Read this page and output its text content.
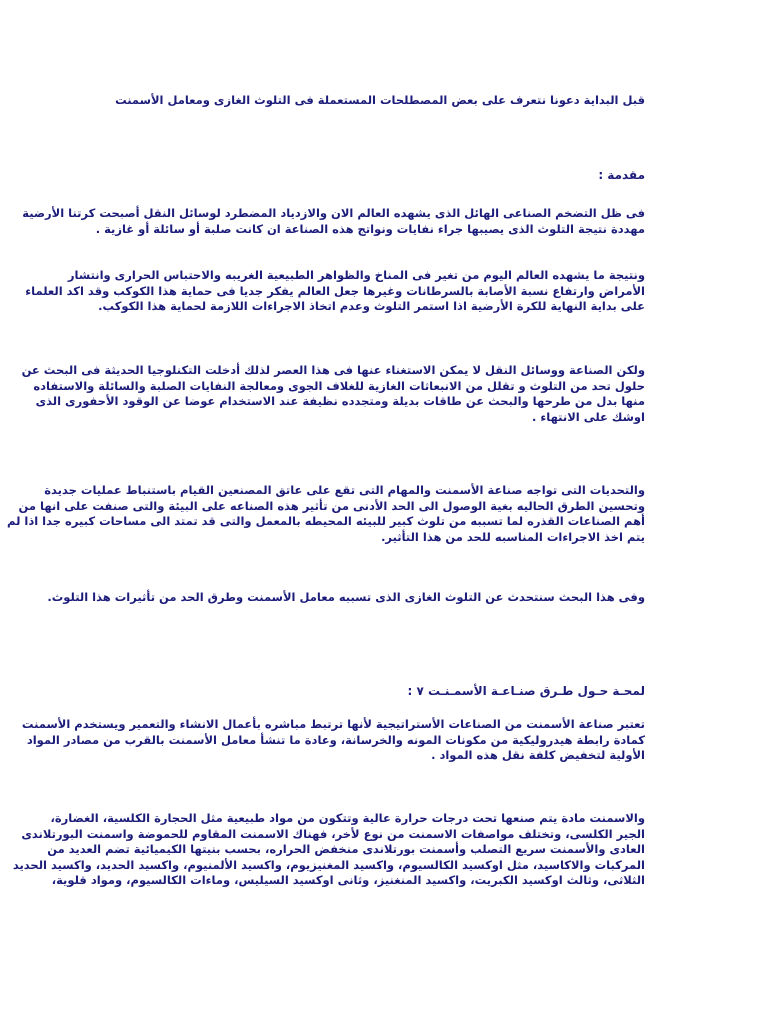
قبل البداية دعونا نتعرف على بعض المصطلحات المستعملة فى التلوث الغازى ومعامل الأسمنت
مقدمة :
فى ظل التضخم الصناعى الهائل الذى يشهده العالم الان والازدياد المضطرد لوسائل النقل أصبحت كرتنا الأرضية
مهددة نتيجة التلوث الذى يصيبها جراء نفايات ونواتج هذه الصناعة ان كانت صلبة أو سائلة أو غازية .
ونتيجة ما يشهده العالم اليوم من تغير فى المناخ والظواهر الطبيعية الغريبه والاحتباس الحرارى وانتشار
الأمراض وارتفاع نسبة الأصابة بالسرطانات وغيرها جعل العالم يفكر جديا فى حماية هذا الكوكب وقد اكد العلماء
على بداية النهاية للكرة الأرضية اذا استمر التلوث وعدم اتخاذ الاجراءات اللازمة لحماية هذا الكوكب.
ولكن الصناعة ووسائل النقل لا يمكن الاستغناء عنها فى هذا العصر لذلك أدخلت التكنلوجيا الحديثة فى البحث عن
حلول تحد من التلوث و تقلل من الانبعاثات الغازية للغلاف الجوى ومعالجة النفايات الصلبة والسائلة والاستفاده
منها بدل من طرحها والبحث عن طاقات بديلة ومتجدده نظيفة عند الاستخدام عوضا عن الوقود الأحفورى الذى
اوشك على الانتهاء .
والتحديات التى تواجه صناعة الأسمنت والمهام التى تقع على عاتق المصنعين القيام باستنباط عمليات جديدة
وتحسين الطرق الحاليه بغية الوصول الى الحد الأدنى من تأثير هذه الصناعه على البيئة والتى صنفت على انها من
أهم الصناعات القذره لما تسببه من تلوث كبير للبيئه المحيطه بالمعمل والتى قد تمتد الى مساحات كبيره جدا اذا لم
يتم اخذ الاجراءات المناسبه للحد من هذا التأثير.
وفى هذا البحث سنتحدث عن التلوث الغازى الذى تسببه معامل الأسمنت وطرق الحد من تأثيرات هذا التلوث.
لمحـة حـول طـرق صنـاعـة الأسمـنـت ٧ :
تعتبر صناعة الأسمنت من الصناعات الأستراتيجية لأنها ترتبط مباشره بأعمال الانشاء والتعمير ويستخدم الأسمنت
كمادة رابطة هيدروليكية من مكونات المونه والخرسانة، وعادة ما تنشأ معامل الأسمنت بالقرب من مصادر المواد
الأولية لتخفيض كلفة نقل هذه المواد .
والاسمنت مادة يتم صنعها تحت درجات حرارة عالية وتتكون من مواد طبيعية مثل الحجارة الكلسية، الغضارة،
الجير الكلسى، وتختلف مواصفات الاسمنت من نوع لأخر، فهناك الاسمنت المقاوم للحموضة واسمنت البورتلاندى
العادى والأسمنت سريع التصلب وأسمنت بورتلاندى منخفض الحراره، بحسب بنيتها الكيميائية تضم العديد من
المركبات والاكاسيد، مثل اوكسيد الكالسيوم، واكسيد المغنيزيوم، واكسيد الألمنيوم، واكسيد الحديد، واكسيد الحديد
الثلاثى، وثالث اوكسيد الكبريت، واكسيد المنغنيز، وثانى اوكسيد السيليس، وماءات الكالسيوم، ومواد قلوية،
